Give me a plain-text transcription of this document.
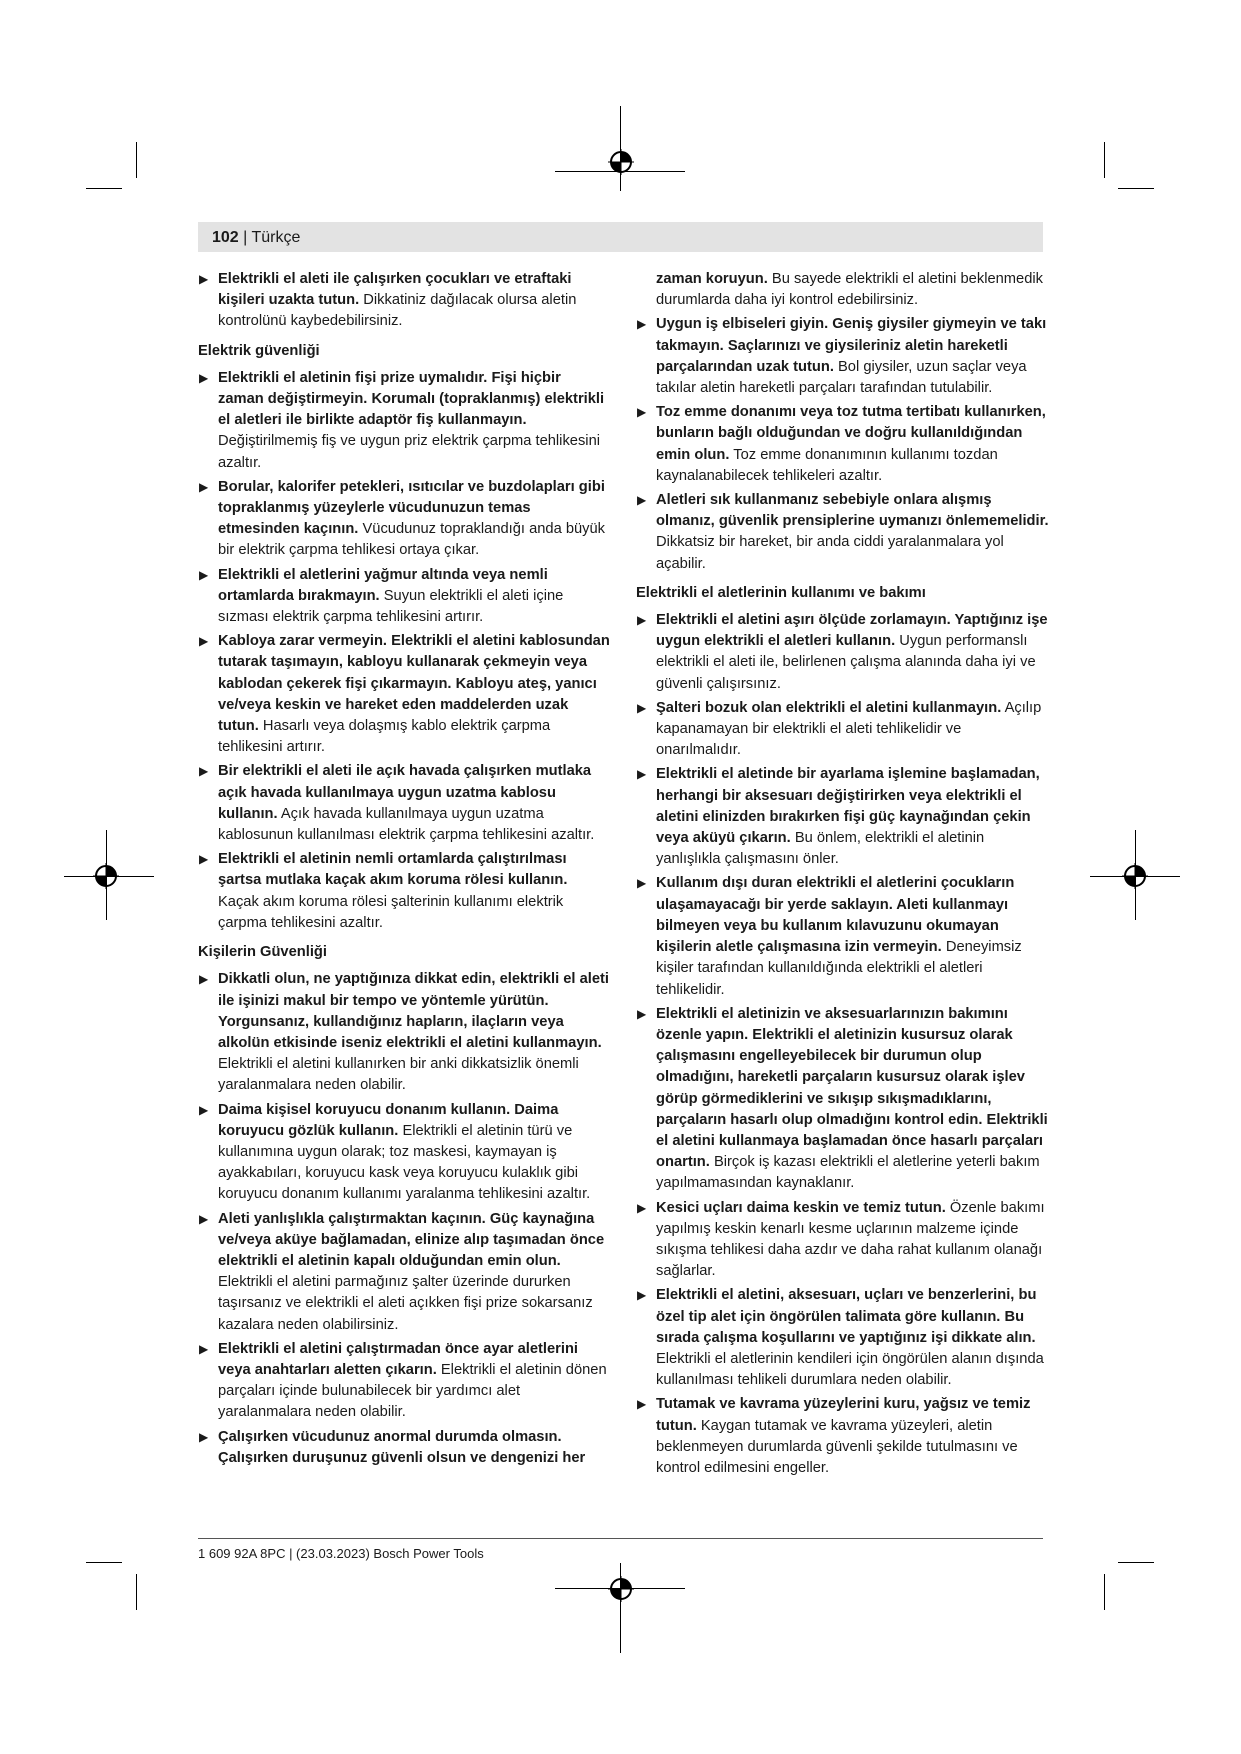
102 | Türkçe
▶ Elektrikli el aleti ile çalışırken çocukları ve etraftaki kişileri uzakta tutun. Dikkatiniz dağılacak olursa aletin kontrolünü kaybedebilirsiniz.
Elektrik güvenliği
▶ Elektrikli el aletinin fişi prize uymalıdır. Fişi hiçbir zaman değiştirmeyin. Korumalı (topraklanmış) elektrikli el aletleri ile birlikte adaptör fiş kullanmayın. Değiştirilmemiş fiş ve uygun priz elektrik çarpma tehlikesini azaltır.
▶ Borular, kalorifer petekleri, ısıtıcılar ve buzdolapları gibi topraklanmış yüzeylerle vücudunuzun temas etmesinden kaçının. Vücudunuz topraklandığı anda büyük bir elektrik çarpma tehlikesi ortaya çıkar.
▶ Elektrikli el aletlerini yağmur altında veya nemli ortamlarda bırakmayın. Suyun elektrikli el aleti içine sızması elektrik çarpma tehlikesini artırır.
▶ Kabloya zarar vermeyin. Elektrikli el aletini kablosundan tutarak taşımayın, kabloyu kullanarak çekmeyin veya kablodan çekerek fişi çıkarmayın. Kabloyu ateş, yanıcı ve/veya keskin ve hareket eden maddelerden uzak tutun. Hasarlı veya dolaşmış kablo elektrik çarpma tehlikesini artırır.
▶ Bir elektrikli el aleti ile açık havada çalışırken mutlaka açık havada kullanılmaya uygun uzatma kablosu kullanın. Açık havada kullanılmaya uygun uzatma kablosunun kullanılması elektrik çarpma tehlikesini azaltır.
▶ Elektrikli el aletinin nemli ortamlarda çalıştırılması şartsa mutlaka kaçak akım koruma rölesi kullanın. Kaçak akım koruma rölesi şalterinin kullanımı elektrik çarpma tehlikesini azaltır.
Kişilerin Güvenliği
▶ Dikkatli olun, ne yaptığınıza dikkat edin, elektrikli el aleti ile işinizi makul bir tempo ve yöntemle yürütün. Yorgunsanız, kullandığınız hapların, ilaçların veya alkolün etkisinde iseniz elektrikli el aletini kullanmayın. Elektrikli el aletini kullanırken bir anki dikkatsizlik önemli yaralanmalara neden olabilir.
▶ Daima kişisel koruyucu donanım kullanın. Daima koruyucu gözlük kullanın. Elektrikli el aletinin türü ve kullanımına uygun olarak; toz maskesi, kaymayan iş ayakkabıları, koruyucu kask veya koruyucu kulaklık gibi koruyucu donanım kullanımı yaralanma tehlikesini azaltır.
▶ Aleti yanlışlıkla çalıştırmaktan kaçının. Güç kaynağına ve/veya aküye bağlamadan, elinize alıp taşımadan önce elektrikli el aletinin kapalı olduğundan emin olun. Elektrikli el aletini parmağınız şalter üzerinde dururken taşırsanız ve elektrikli el aleti açıkken fişi prize sokarsanız kazalara neden olabilirsiniz.
▶ Elektrikli el aletini çalıştırmadan önce ayar aletlerini veya anahtarları aletten çıkarın. Elektrikli el aletinin dönen parçaları içinde bulunabilecek bir yardımcı alet yaralanmalara neden olabilir.
▶ Çalışırken vücudunuz anormal durumda olmasın. Çalışırken duruşunuz güvenli olsun ve dengenizi her
zaman koruyun. Bu sayede elektrikli el aletini beklenmedik durumlarda daha iyi kontrol edebilirsiniz.
▶ Uygun iş elbiseleri giyin. Geniş giysiler giymeyin ve takı takmayın. Saçlarınızı ve giysileriniz aletin hareketli parçalarından uzak tutun. Bol giysiler, uzun saçlar veya takılar aletin hareketli parçaları tarafından tutulabilir.
▶ Toz emme donanımı veya toz tutma tertibatı kullanırken, bunların bağlı olduğundan ve doğru kullanıldığından emin olun. Toz emme donanımının kullanımı tozdan kaynalanabilecek tehlikeleri azaltır.
▶ Aletleri sık kullanmanız sebebiyle onlara alışmış olmanız, güvenlik prensiplerine uymanızı önlememelidir. Dikkatsiz bir hareket, bir anda ciddi yaralanmalara yol açabilir.
Elektrikli el aletlerinin kullanımı ve bakımı
▶ Elektrikli el aletini aşırı ölçüde zorlamayın. Yaptığınız işe uygun elektrikli el aletleri kullanın. Uygun performanslı elektrikli el aleti ile, belirlenen çalışma alanında daha iyi ve güvenli çalışırsınız.
▶ Şalteri bozuk olan elektrikli el aletini kullanmayın. Açılıp kapanamayan bir elektrikli el aleti tehlikelidir ve onarılmalıdır.
▶ Elektrikli el aletinde bir ayarlama işlemine başlamadan, herhangi bir aksesuarı değiştirirken veya elektrikli el aletini elinizden bırakırken fişi güç kaynağından çekin veya aküyü çıkarın. Bu önlem, elektrikli el aletinin yanlışlıkla çalışmasını önler.
▶ Kullanım dışı duran elektrikli el aletlerini çocukların ulaşamayacağı bir yerde saklayın. Aleti kullanmayı bilmeyen veya bu kullanım kılavuzunu okumayan kişilerin aletle çalışmasına izin vermeyin. Deneyimsiz kişiler tarafından kullanıldığında elektrikli el aletleri tehlikelidir.
▶ Elektrikli el aletinizin ve aksesuarlarınızın bakımını özenle yapın. Elektrikli el aletinizin kusursuz olarak çalışmasını engelleyebilecek bir durumun olup olmadığını, hareketli parçaların kusursuz olarak işlev görüp görmediklerini ve sıkışıp sıkışmadıklarını, parçaların hasarlı olup olmadığını kontrol edin. Elektrikli el aletini kullanmaya başlamadan önce hasarlı parçaları onartın. Birçok iş kazası elektrikli el aletlerine yeterli bakım yapılmamasından kaynaklanır.
▶ Kesici uçları daima keskin ve temiz tutun. Özenle bakımı yapılmış keskin kenarlı kesme uçlarının malzeme içinde sıkışma tehlikesi daha azdır ve daha rahat kullanım olanağı sağlarlar.
▶ Elektrikli el aletini, aksesuarı, uçları ve benzerlerini, bu özel tip alet için öngörülen talimata göre kullanın. Bu sırada çalışma koşullarını ve yaptığınız işi dikkate alın. Elektrikli el aletlerinin kendileri için öngörülen alanın dışında kullanılması tehlikeli durumlara neden olabilir.
▶ Tutamak ve kavrama yüzeylerini kuru, yağsız ve temiz tutun. Kaygan tutamak ve kavrama yüzeyleri, aletin beklenmeyen durumlarda güvenli şekilde tutulmasını ve kontrol edilmesini engeller.
1 609 92A 8PC | (23.03.2023) Bosch Power Tools
